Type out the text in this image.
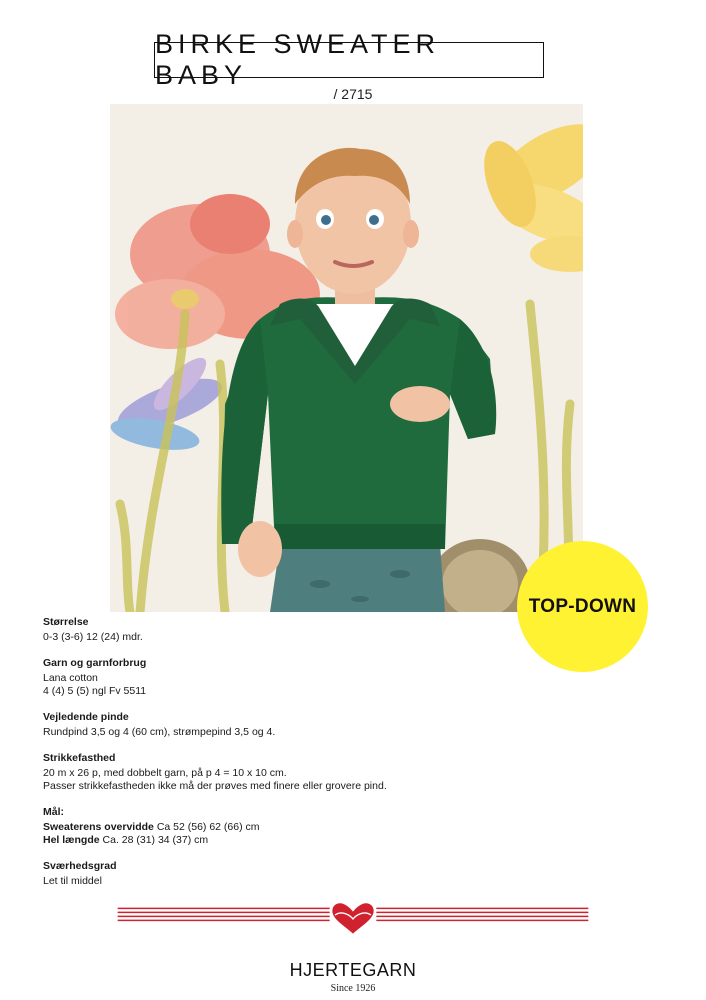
BIRKE SWEATER BABY
/ 2715
TOP-DOWN
Størrelse

0-3 (3-6) 12 (24) mdr.

Garn og garnforbrug

Lana cotton

4 (4) 5 (5) ngl Fv 5511

Vejledende pinde

Rundpind 3,5 og 4 (60 cm), strømpepind 3,5 og 4.

Strikkefasthed

20 m x 26 p, med dobbelt garn, på p 4 = 10 x 10 cm.

Passer strikkefastheden ikke må der prøves med finere eller grovere pind.

Mål:

Sweaterens overvidde Ca 52 (56) 62 (66) cm

Hel længde Ca. 28 (31) 34 (37) cm

Sværhedsgrad

Let til middel

HJERTEGARN
Since 1926
